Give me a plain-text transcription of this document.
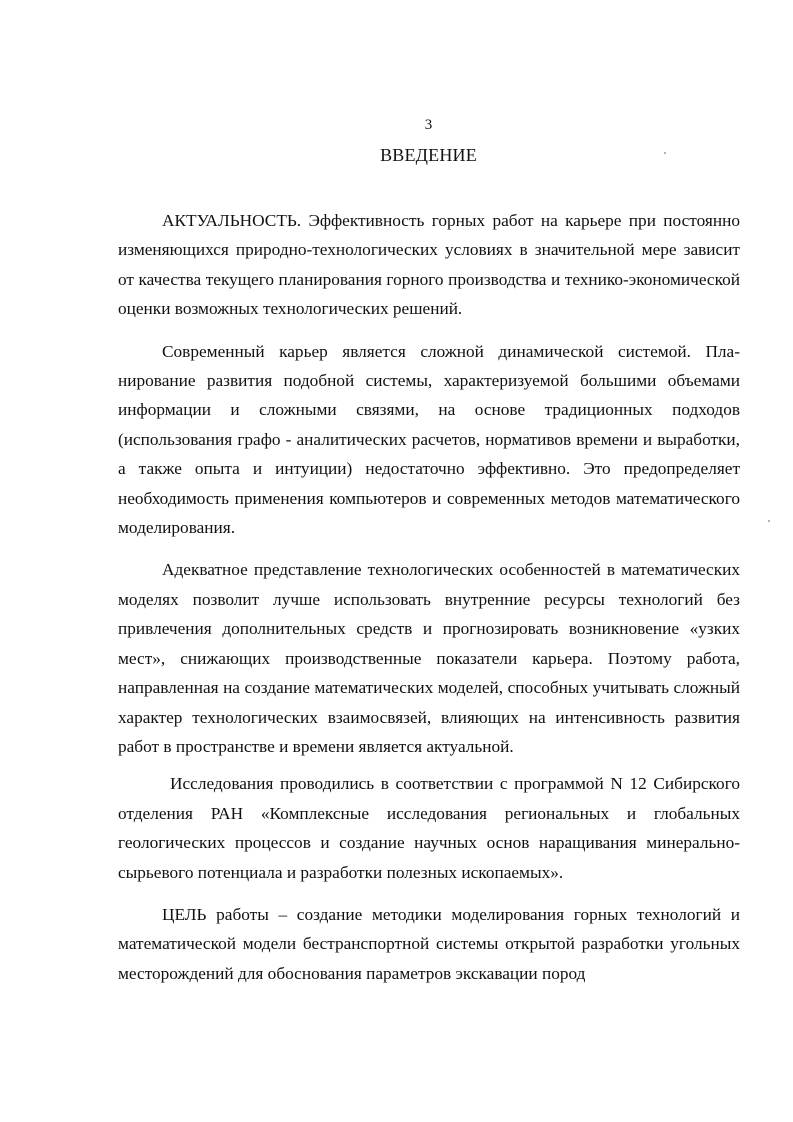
3
ВВЕДЕНИЕ

АКТУАЛЬНОСТЬ. Эффективность горных работ на карьере при постоянно изменяющихся природно-технологических условиях в значительной мере зависит от качества текущего планирования горного производства и технико-экономической оценки возможных технологических решений.

Современный карьер является сложной динамической системой. Планирование развития подобной системы, характеризуемой большими объемами информации и сложными связями, на основе традиционных подходов (использования графо - аналитических расчетов, нормативов времени и выработки, а также опыта и интуиции) недостаточно эффективно. Это предопределяет необходимость применения компьютеров и современных методов математического моделирования.

Адекватное представление технологических особенностей в математических моделях позволит лучше использовать внутренние ресурсы технологий без привлечения дополнительных средств и прогнозировать возникновение «узких мест», снижающих производственные показатели карьера. Поэтому работа, направленная на создание математических моделей, способных учитывать сложный характер технологических взаимосвязей, влияющих на интенсивность развития работ в пространстве и времени является актуальной.

Исследования проводились в соответствии с программой N 12 Сибирского отделения РАН «Комплексные исследования региональных и глобальных геологических процессов и создание научных основ наращивания минерально-сырьевого потенциала и разработки полезных ископаемых».

ЦЕЛЬ работы – создание методики моделирования горных технологий и математической модели бестранспортной системы открытой разработки угольных месторождений для обоснования параметров экскавации пород
